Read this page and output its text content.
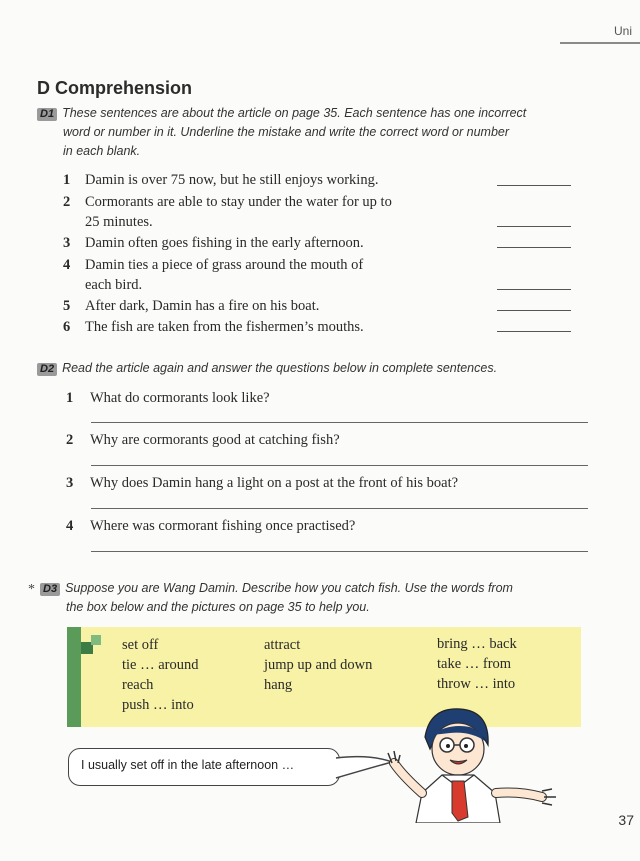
Uni
D Comprehension
D1 These sentences are about the article on page 35. Each sentence has one incorrect
word or number in it. Underline the mistake and write the correct word or number
in each blank.
1 Damin is over 75 now, but he still enjoys working.
2 Cormorants are able to stay under the water for up to
25 minutes.
3 Damin often goes fishing in the early afternoon.
4 Damin ties a piece of grass around the mouth of
each bird.
5 After dark, Damin has a fire on his boat.
6 The fish are taken from the fishermen’s mouths.
D2 Read the article again and answer the questions below in complete sentences.
1 What do cormorants look like?
2 Why are cormorants good at catching fish?
3 Why does Damin hang a light on a post at the front of his boat?
4 Where was cormorant fishing once practised?
* D3 Suppose you are Wang Damin. Describe how you catch fish. Use the words from
the box below and the pictures on page 35 to help you.
set off
tie … around
reach
push … into
attract
jump up and down
hang
bring … back
take … from
throw … into
I usually set off in the late afternoon …
37
